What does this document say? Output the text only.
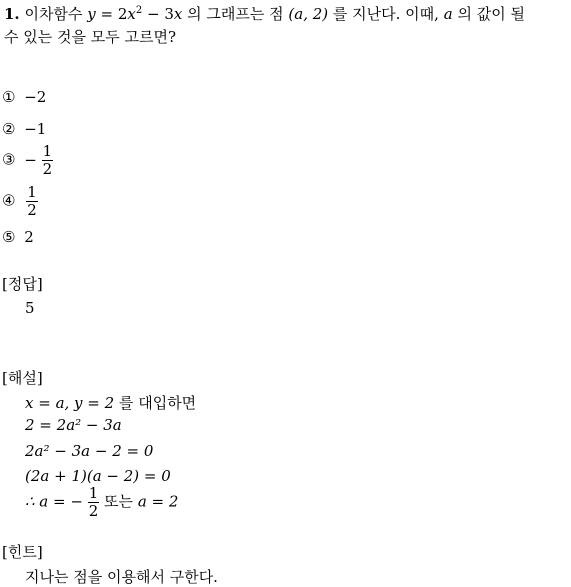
1. 이차함수 $y = 2x^2 - 3x$ 의 그래프는 점 (a, 2) 를 지난다. 이때, a 의 값이 될
수 있는 것을 모두 고르면?
① −2
② −1
③ − $\frac{1}{2}$
④ $\frac{1}{2}$
⑤ 2
[정답]
5
[해설]
x = a, y = 2 를 대입하면
2 = 2a² − 3a
2a² − 3a − 2 = 0
(2a + 1)(a − 2) = 0
∴ a = − $\frac{1}{2}$ 또는 a = 2
[힌트]
지나는 점을 이용해서 구한다.
